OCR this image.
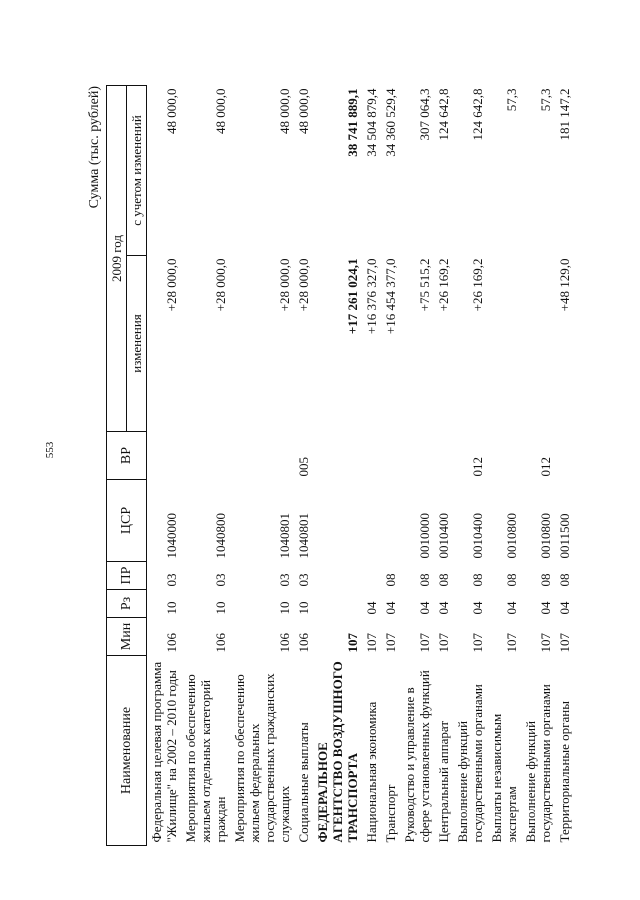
553
Сумма (тыс. рублей)
Наименование	Мин	Рз	ПР	ЦСР	ВР	2009 год	
						изменения	с учетом изменений
Федеральная целевая программа "Жилище" на 2002 – 2010 годы	106	10	03	1040000		+28 000,0	48 000,0
Мероприятия по обеспечению жильем отдельных категорий граждан	106	10	03	1040800		+28 000,0	48 000,0
Мероприятия по обеспечению жильем федеральных государственных гражданских служащих	106	10	03	1040801		+28 000,0	48 000,0
Социальные выплаты	106	10	03	1040801	005	+28 000,0	48 000,0
ФЕДЕРАЛЬНОЕ АГЕНТСТВО ВОЗДУШНОГО ТРАНСПОРТА	107					+17 261 024,1	38 741 889,1
Национальная экономика	107	04				+16 376 327,0	34 504 879,4
Транспорт	107	04	08			+16 454 377,0	34 360 529,4
Руководство и управление в сфере установленных функций	107	04	08	0010000		+75 515,2	307 064,3
Центральный аппарат	107	04	08	0010400		+26 169,2	124 642,8
Выполнение функций государственными органами	107	04	08	0010400	012	+26 169,2	124 642,8
Выплаты независимым экспертам	107	04	08	0010800			57,3
Выполнение функций государственными органами	107	04	08	0010800	012		57,3
Территориальные органы	107	04	08	0011500		+48 129,0	181 147,2
